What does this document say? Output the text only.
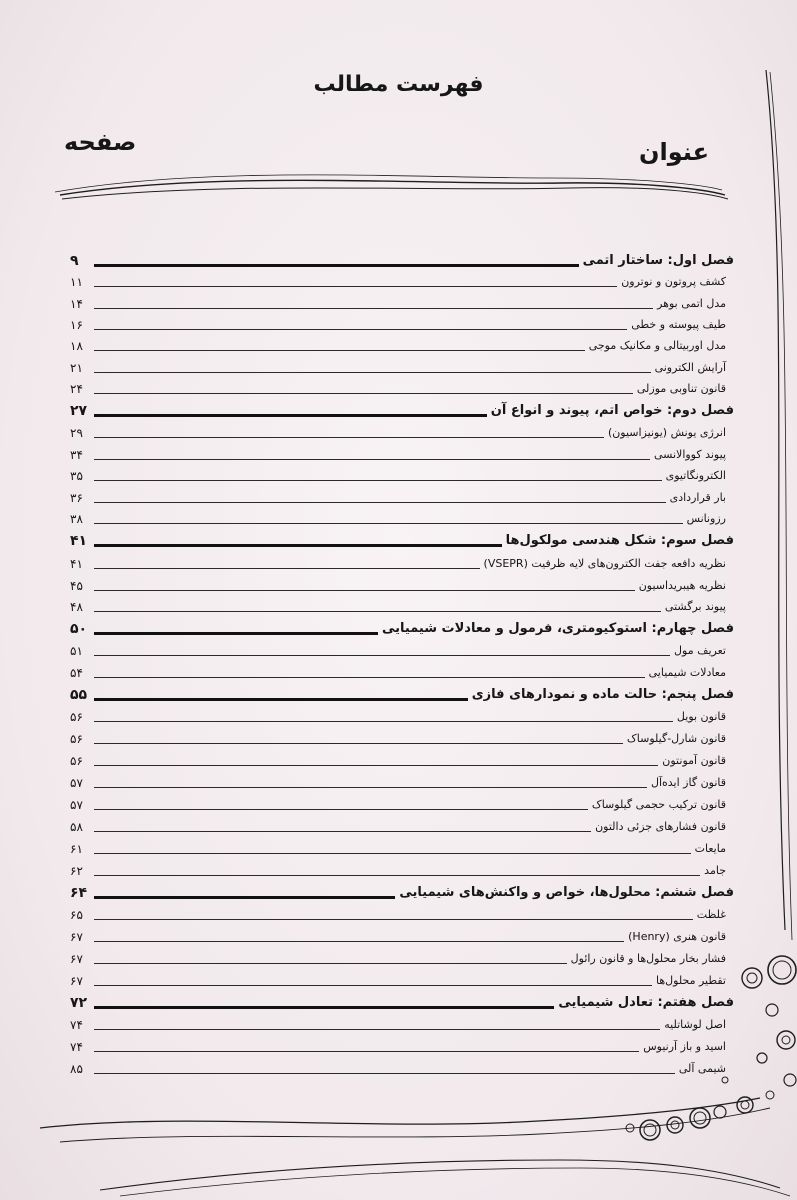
فهرست مطالب
عنوان
صفحه
فصل اول: ساختار اتمی
۹
کشف پروتون و نوترون
۱۱
مدل اتمی بوهر
۱۴
طیف پیوسته و خطی
۱۶
مدل اوربیتالی و مکانیک موجی
۱۸
آرایش الکترونی
۲۱
قانون تناوبی موزلی
۲۴
فصل دوم: خواص اتم، پیوند و انواع آن
۲۷
انرژی یونش (یونیزاسیون)
۲۹
پیوند کووالانسی
۳۴
الکترونگاتیوی
۳۵
بار قراردادی
۳۶
رزونانس
۳۸
فصل سوم: شکل هندسی مولکول‌ها
۴۱
نظریه دافعه جفت الکترون‌های لایه ظرفیت (VSEPR)
۴۱
نظریه هیبریداسیون
۴۵
پیوند برگشتی
۴۸
فصل چهارم: استوکیومتری، فرمول و معادلات شیمیایی
۵۰
تعریف مول
۵۱
معادلات شیمیایی
۵۴
فصل پنجم: حالت ماده و نمودارهای فازی
۵۵
قانون بویل
۵۶
قانون شارل-گیلوساک
۵۶
قانون آمونتون
۵۶
قانون گاز ایده‌آل
۵۷
قانون ترکیب حجمی گیلوساک
۵۷
قانون فشارهای جزئی دالتون
۵۸
مایعات
۶۱
جامد
۶۲
فصل ششم: محلول‌ها، خواص و واکنش‌های شیمیایی
۶۴
غلظت
۶۵
قانون هنری (Henry)
۶۷
فشار بخار محلول‌ها و قانون رائول
۶۷
تقطیر محلول‌ها
۶۷
فصل هفتم: تعادل شیمیایی
۷۲
اصل لوشاتلیه
۷۴
اسید و باز آرنیوس
۷۴
شیمی آلی
۸۵
